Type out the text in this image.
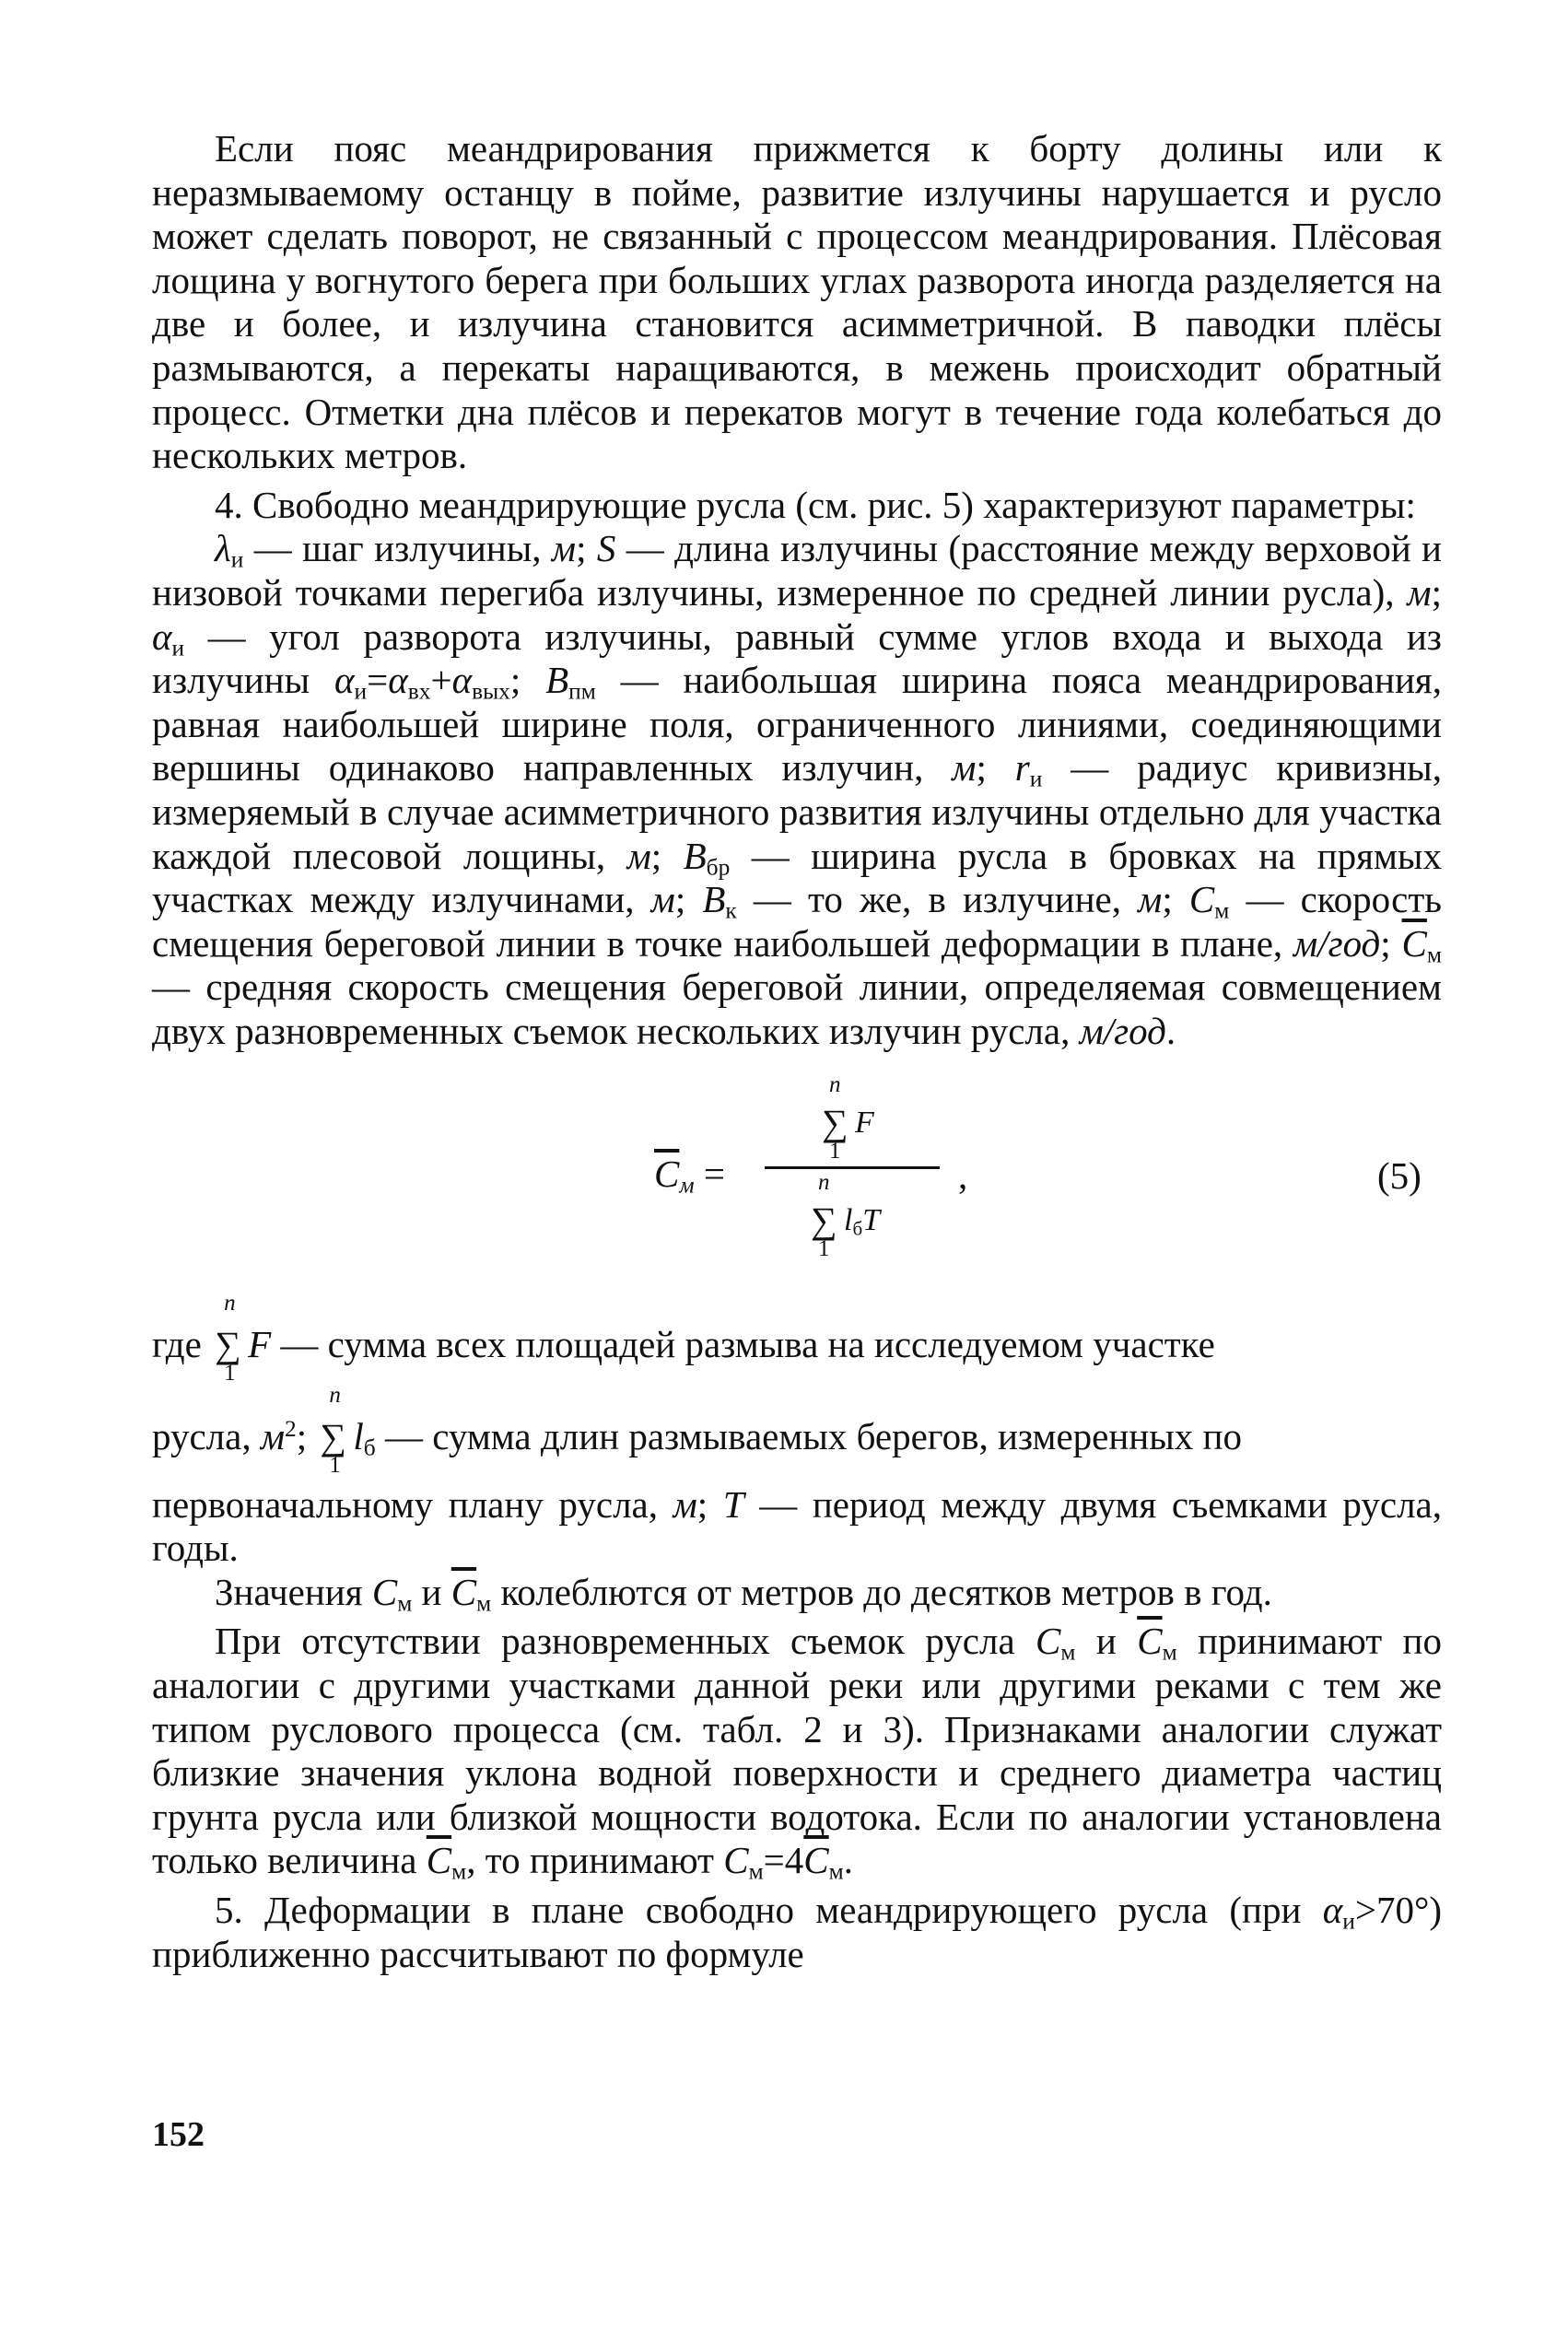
Если пояс меандрирования прижмется к борту долины или к неразмываемому останцу в пойме, развитие излучины нарушается и русло может сделать поворот, не связанный с процессом меандрирования. Плёсовая лощина у вогнутого берега при больших углах разворота иногда разделяется на две и более, и излучина становится асимметричной. В паводки плёсы размываются, а перекаты наращиваются, в межень происходит обратный процесс. Отметки дна плёсов и перекатов могут в течение года колебаться до нескольких метров.

4. Свободно меандрирующие русла (см. рис. 5) характеризуют параметры:

$\lambda_и$ — шаг излучины, м; S — длина излучины (расстояние между верховой и низовой точками перегиба излучины, измеренное по средней линии русла), м; $\alpha_и$ — угол разворота излучины, равный сумме углов входа и выхода из излучины $\alpha_и=\alpha_{вх}+\alpha_{вых}$; $B_{пм}$ — наибольшая ширина пояса меандрирования, равная наибольшей ширине поля, ограниченного линиями, соединяющими вершины одинаково направленных излучин, м; $r_и$ — радиус кривизны, измеряемый в случае асимметричного развития излучины отдельно для участка каждой плесовой лощины, м; $B_{бр}$ — ширина русла в бровках на прямых участках между излучинами, м; $B_к$ — то же, в излучине, м; $C_м$ — скорость смещения береговой линии в точке наибольшей деформации в плане, м/год; $\overline{C}_м$ — средняя скорость смещения береговой линии, определяемая совмещением двух разновременных съемок нескольких излучин русла, м/год.

$\overline{C}_м$ =
n
∑
1
F
n
∑
1
$l_бT$
,	(5)

где
n
∑
1
F — сумма всех площадей размыва на исследуемом участке

русла, $м^2$;
n
∑
1
$l_б$ — сумма длин размываемых берегов, измеренных по

первоначальному плану русла, м; T — период между двумя съемками русла, годы.

Значения $C_м$ и $\overline{C}_м$ колеблются от метров до десятков метров в год.

При отсутствии разновременных съемок русла $C_м$ и $\overline{C}_м$ принимают по аналогии с другими участками данной реки или другими реками с тем же типом руслового процесса (см. табл. 2 и 3). Признаками аналогии служат близкие значения уклона водной поверхности и среднего диаметра частиц грунта русла или близкой мощности водотока. Если по аналогии установлена только величина $\overline{C}_м$, то принимают $C_м=4\overline{C}_м$.

5. Деформации в плане свободно меандрирующего русла (при $\alpha_и>70^\circ$) приближенно рассчитывают по формуле

152
